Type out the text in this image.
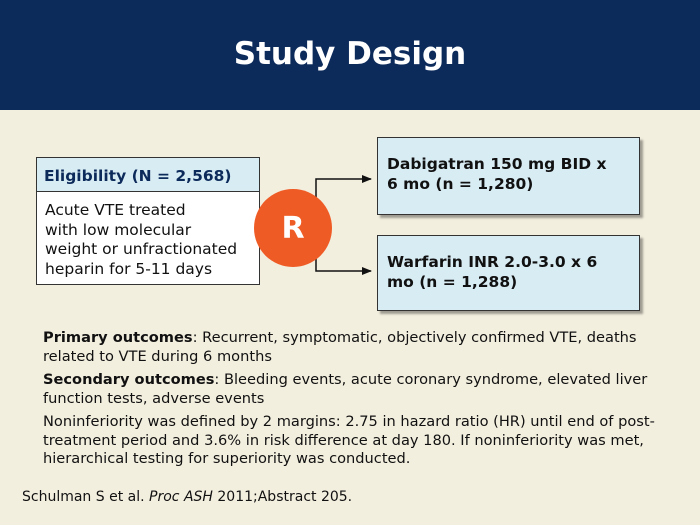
Study Design
Eligibility (N = 2,568)
Acute VTE treated
with low molecular
weight or unfractionated
heparin for 5-11 days
R
Dabigatran 150 mg BID x
6 mo (n = 1,280)
Warfarin INR 2.0-3.0 x 6
mo (n = 1,288)

Primary outcomes: Recurrent, symptomatic, objectively confirmed VTE, deaths related to VTE during 6 months

Secondary outcomes: Bleeding events, acute coronary syndrome, elevated liver function tests, adverse events

Noninferiority was defined by 2 margins: 2.75 in hazard ratio (HR) until end of post-treatment period and 3.6% in risk difference at day 180. If noninferiority was met, hierarchical testing for superiority was conducted.

Schulman S et al. Proc ASH 2011;Abstract 205.
